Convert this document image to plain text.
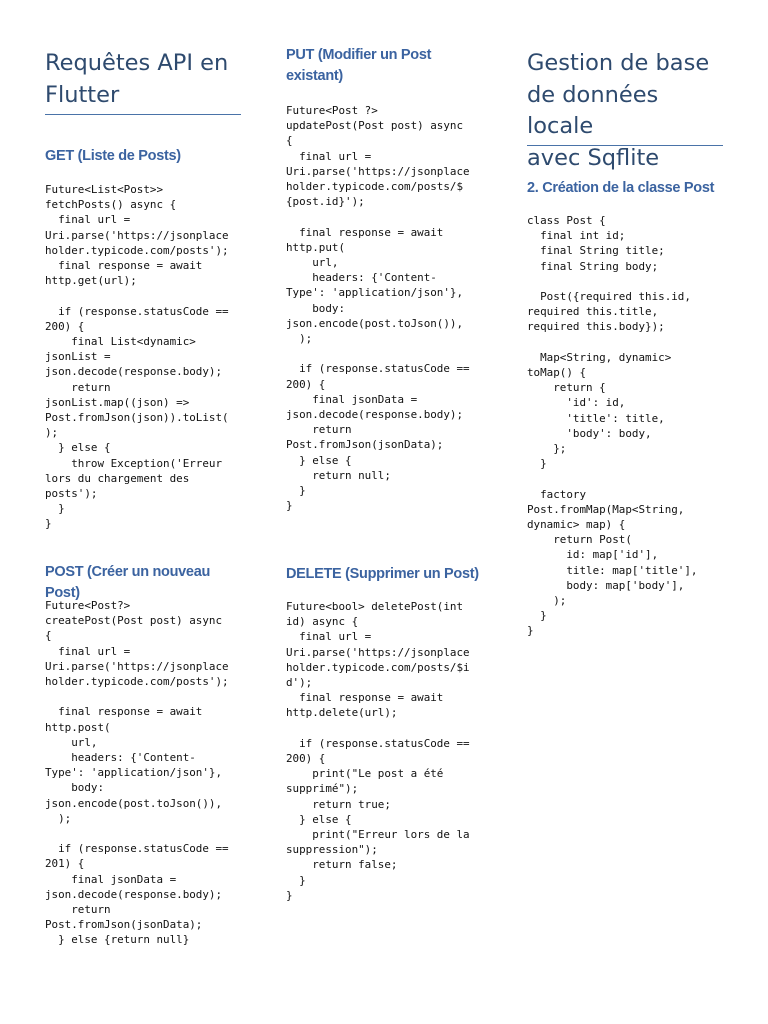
Requêtes API en
Flutter
GET (Liste de Posts)
Future<List<Post>>
fetchPosts() async {
final url =
Uri.parse('https://jsonplace
holder.typicode.com/posts');
final response = await
http.get(url);

if (response.statusCode ==
200) {
final List<dynamic>
jsonList =
json.decode(response.body);
return
jsonList.map((json) =>
Post.fromJson(json)).toList(
);
} else {
throw Exception('Erreur
lors du chargement des
posts');
}
}
POST (Créer un nouveau Post)
Future<Post?>
createPost(Post post) async
{
final url =
Uri.parse('https://jsonplace
holder.typicode.com/posts');

final response = await
http.post(
url,
headers: {'Content-
Type': 'application/json'},
body:
json.encode(post.toJson()),
);

if (response.statusCode ==
201) {
final jsonData =
json.decode(response.body);
return
Post.fromJson(jsonData);
} else {return null}
PUT (Modifier un Post
existant)
Future<Post ?>
updatePost(Post post) async
{
final url =
Uri.parse('https://jsonplace
holder.typicode.com/posts/$
{post.id}');

final response = await
http.put(
url,
headers: {'Content-
Type': 'application/json'},
body:
json.encode(post.toJson()),
);

if (response.statusCode ==
200) {
final jsonData =
json.decode(response.body);
return
Post.fromJson(jsonData);
} else {
return null;
}
}
DELETE (Supprimer un Post)
Future<bool> deletePost(int
id) async {
final url =
Uri.parse('https://jsonplace
holder.typicode.com/posts/$i
d');
final response = await
http.delete(url);

if (response.statusCode ==
200) {
print("Le post a été
supprimé");
return true;
} else {
print("Erreur lors de la
suppression");
return false;
}
}
Gestion de base
de données locale
avec Sqflite
2. Création de la classe Post
class Post {
final int id;
final String title;
final String body;

Post({required this.id,
required this.title,
required this.body});

Map<String, dynamic>
toMap() {
return {
'id': id,
'title': title,
'body': body,
};
}

factory
Post.fromMap(Map<String,
dynamic> map) {
return Post(
id: map['id'],
title: map['title'],
body: map['body'],
);
}
}
